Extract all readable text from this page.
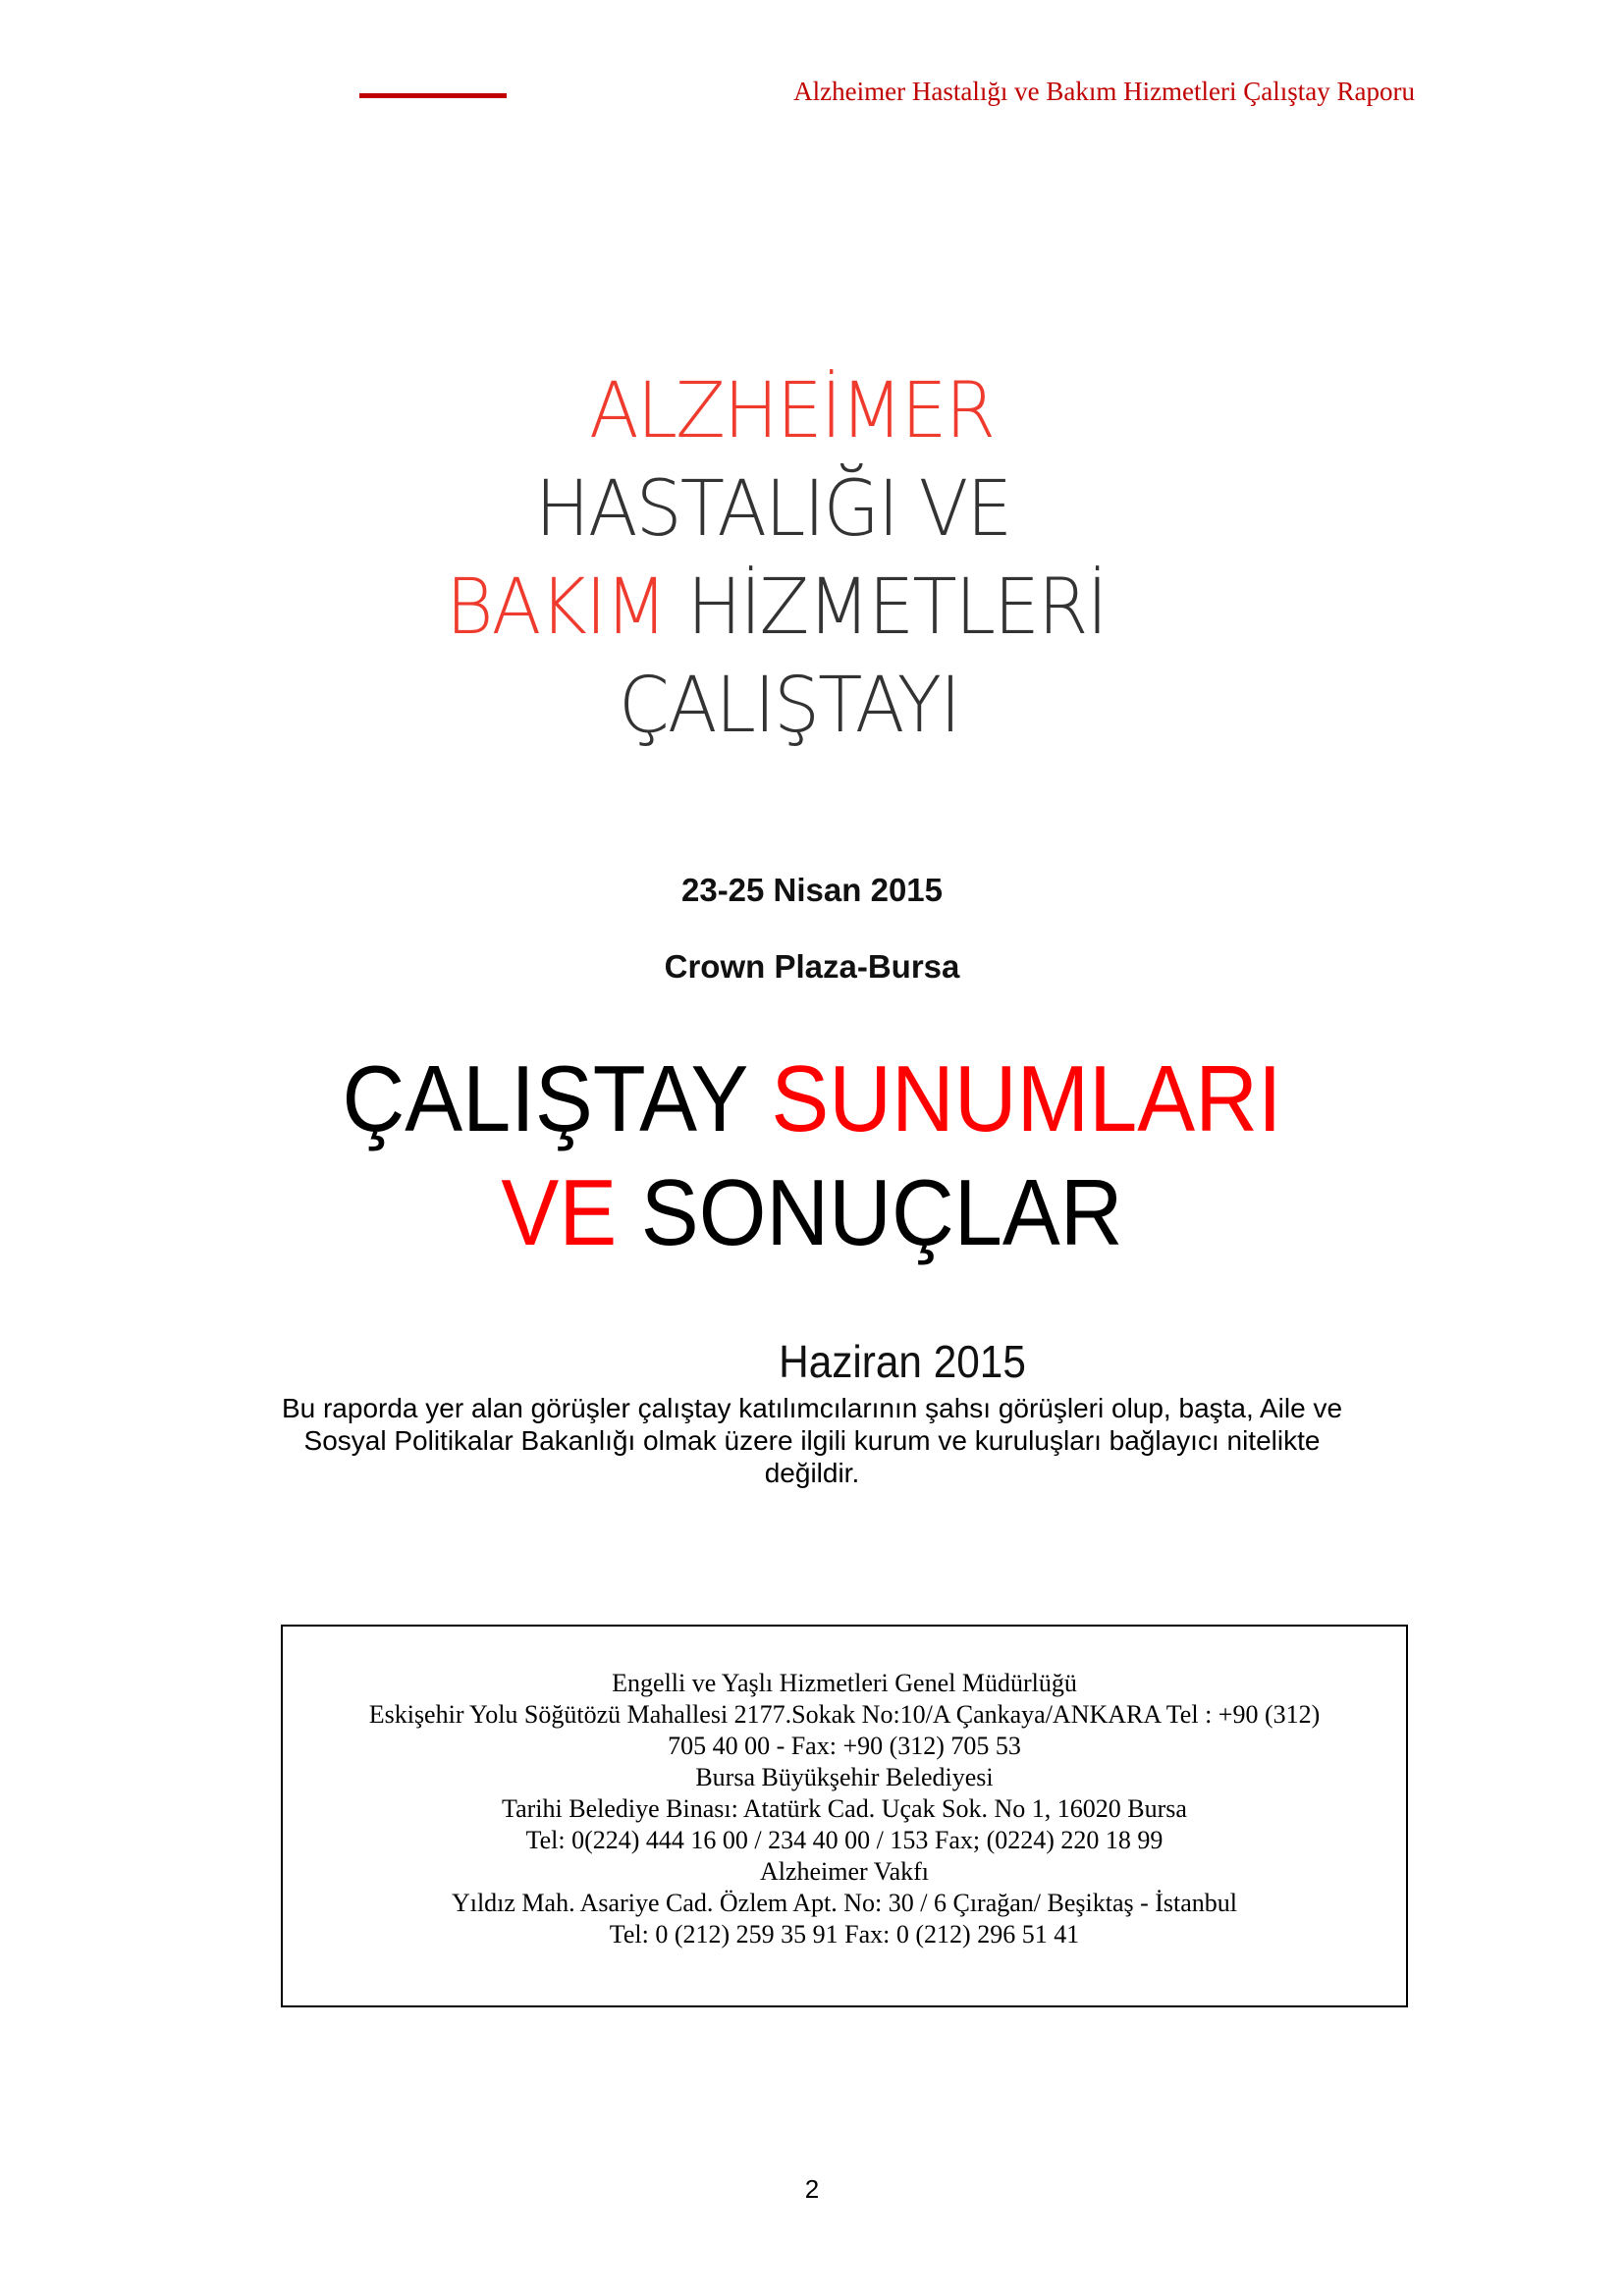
Alzheimer Hastalığı ve Bakım Hizmetleri Çalıştay Raporu
ALZHEİMER
HASTALIĞI VE
BAKIM HİZMETLERİ
ÇALIŞTAYI
23-25 Nisan 2015
Crown Plaza-Bursa
ÇALIŞTAY SUNUMLARI
VE SONUÇLAR
Haziran 2015
Bu raporda yer alan görüşler çalıştay katılımcılarının şahsı görüşleri olup, başta, Aile ve
Sosyal Politikalar Bakanlığı olmak üzere ilgili kurum ve kuruluşları bağlayıcı nitelikte
değildir.
Engelli ve Yaşlı Hizmetleri Genel Müdürlüğü
Eskişehir Yolu Söğütözü Mahallesi 2177.Sokak No:10/A Çankaya/ANKARA Tel : +90 (312)
705 40 00 - Fax: +90 (312) 705 53
Bursa Büyükşehir Belediyesi
Tarihi Belediye Binası: Atatürk Cad. Uçak Sok. No 1, 16020 Bursa
Tel: 0(224) 444 16 00 / 234 40 00 / 153 Fax; (0224) 220 18 99
Alzheimer Vakfı
Yıldız Mah. Asariye Cad. Özlem Apt. No: 30 / 6 Çırağan/ Beşiktaş - İstanbul
Tel: 0 (212) 259 35 91 Fax: 0 (212) 296 51 41
2
